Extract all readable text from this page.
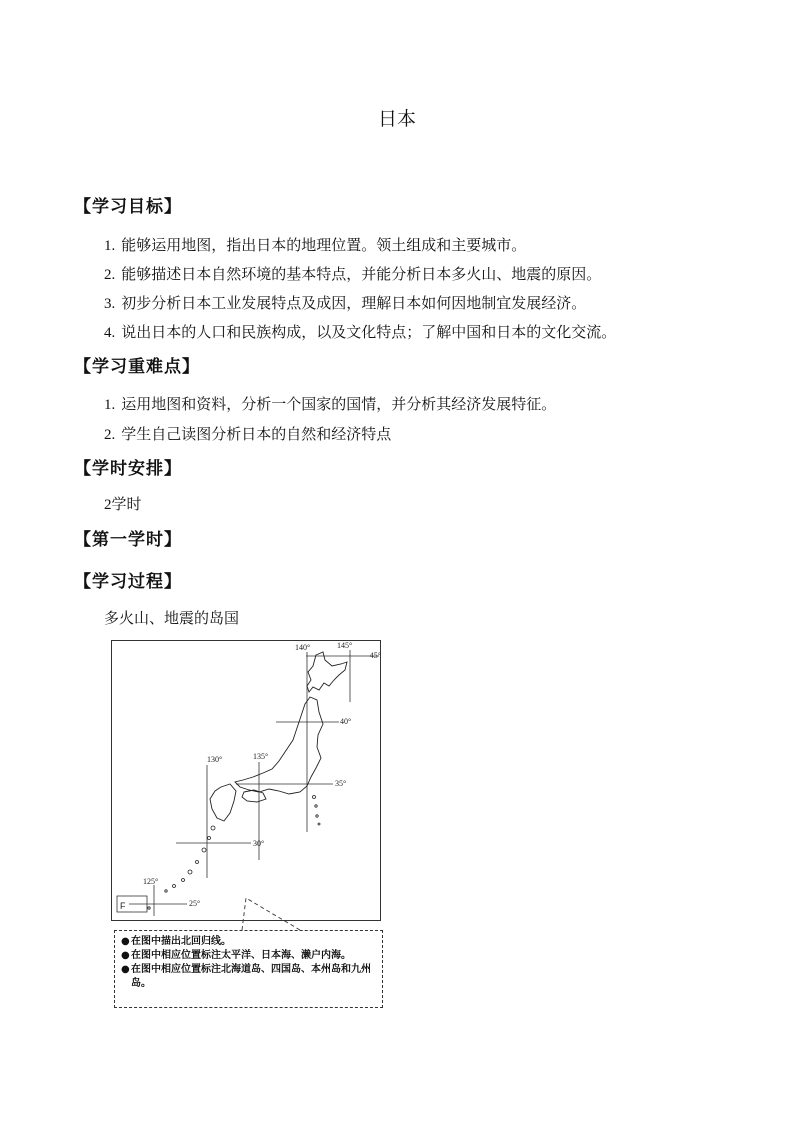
日本
【学习目标】
1. 能够运用地图，指出日本的地理位置。领土组成和主要城市。
2. 能够描述日本自然环境的基本特点，并能分析日本多火山、地震的原因。
3. 初步分析日本工业发展特点及成因，理解日本如何因地制宜发展经济。
4. 说出日本的人口和民族构成，以及文化特点；了解中国和日本的文化交流。
【学习重难点】
1. 运用地图和资料，分析一个国家的国情，并分析其经济发展特征。
2. 学生自己读图分析日本的自然和经济特点
【学时安排】
2学时
【第一学时】
【学习过程】
多火山、地震的岛国
F
140°	145°
135°
130°
125°
45°
40°
35°
30°
25°
● 在图中描出北回归线。
● 在图中相应位置标注太平洋、日本海、濑户内海。
● 在图中相应位置标注北海道岛、四国岛、本州岛和九州岛。
